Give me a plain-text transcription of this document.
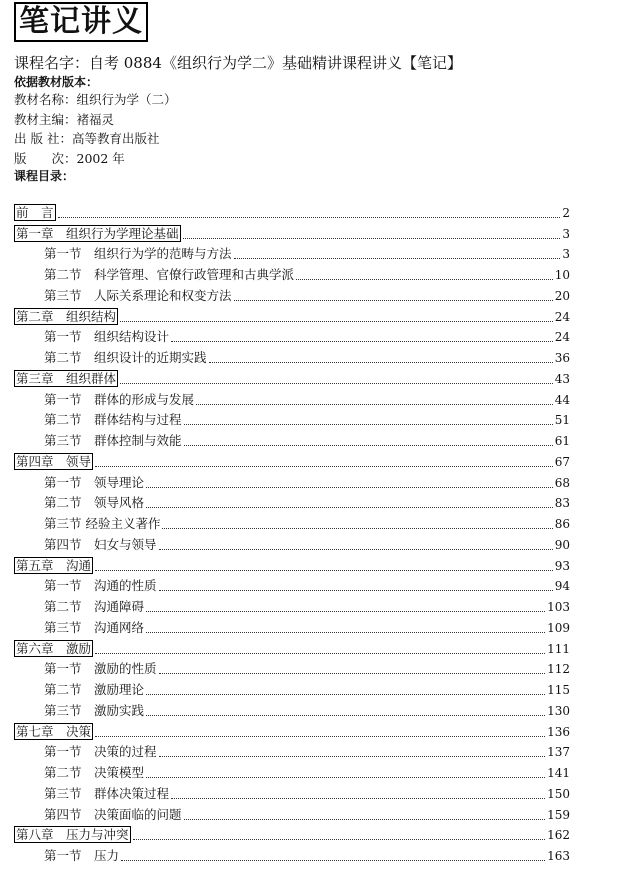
笔记讲义
课程名字：自考 0884《组织行为学二》基础精讲课程讲义【笔记】
依据教材版本：
教材名称：组织行为学（二）
教材主编：褚福灵
出 版 社：高等教育出版社
版　　次：2002 年
课程目录：
前　言	2
第一章　组织行为学理论基础	3
第一节　组织行为学的范畴与方法	3
第二节　科学管理、官僚行政管理和古典学派	10
第三节　人际关系理论和权变方法	20
第二章　组织结构	24
第一节　组织结构设计	24
第二节　组织设计的近期实践	36
第三章　组织群体	43
第一节　群体的形成与发展	44
第二节　群体结构与过程	51
第三节　群体控制与效能	61
第四章　领导	67
第一节　领导理论	68
第二节　领导风格	83
第三节 经验主义著作	86
第四节　妇女与领导	90
第五章　沟通	93
第一节　沟通的性质	94
第二节　沟通障碍	103
第三节　沟通网络	109
第六章　激励	111
第一节　激励的性质	112
第二节　激励理论	115
第三节　激励实践	130
第七章　决策	136
第一节　决策的过程	137
第二节　决策模型	141
第三节　群体决策过程	150
第四节　决策面临的问题	159
第八章　压力与冲突	162
第一节　压力	163
